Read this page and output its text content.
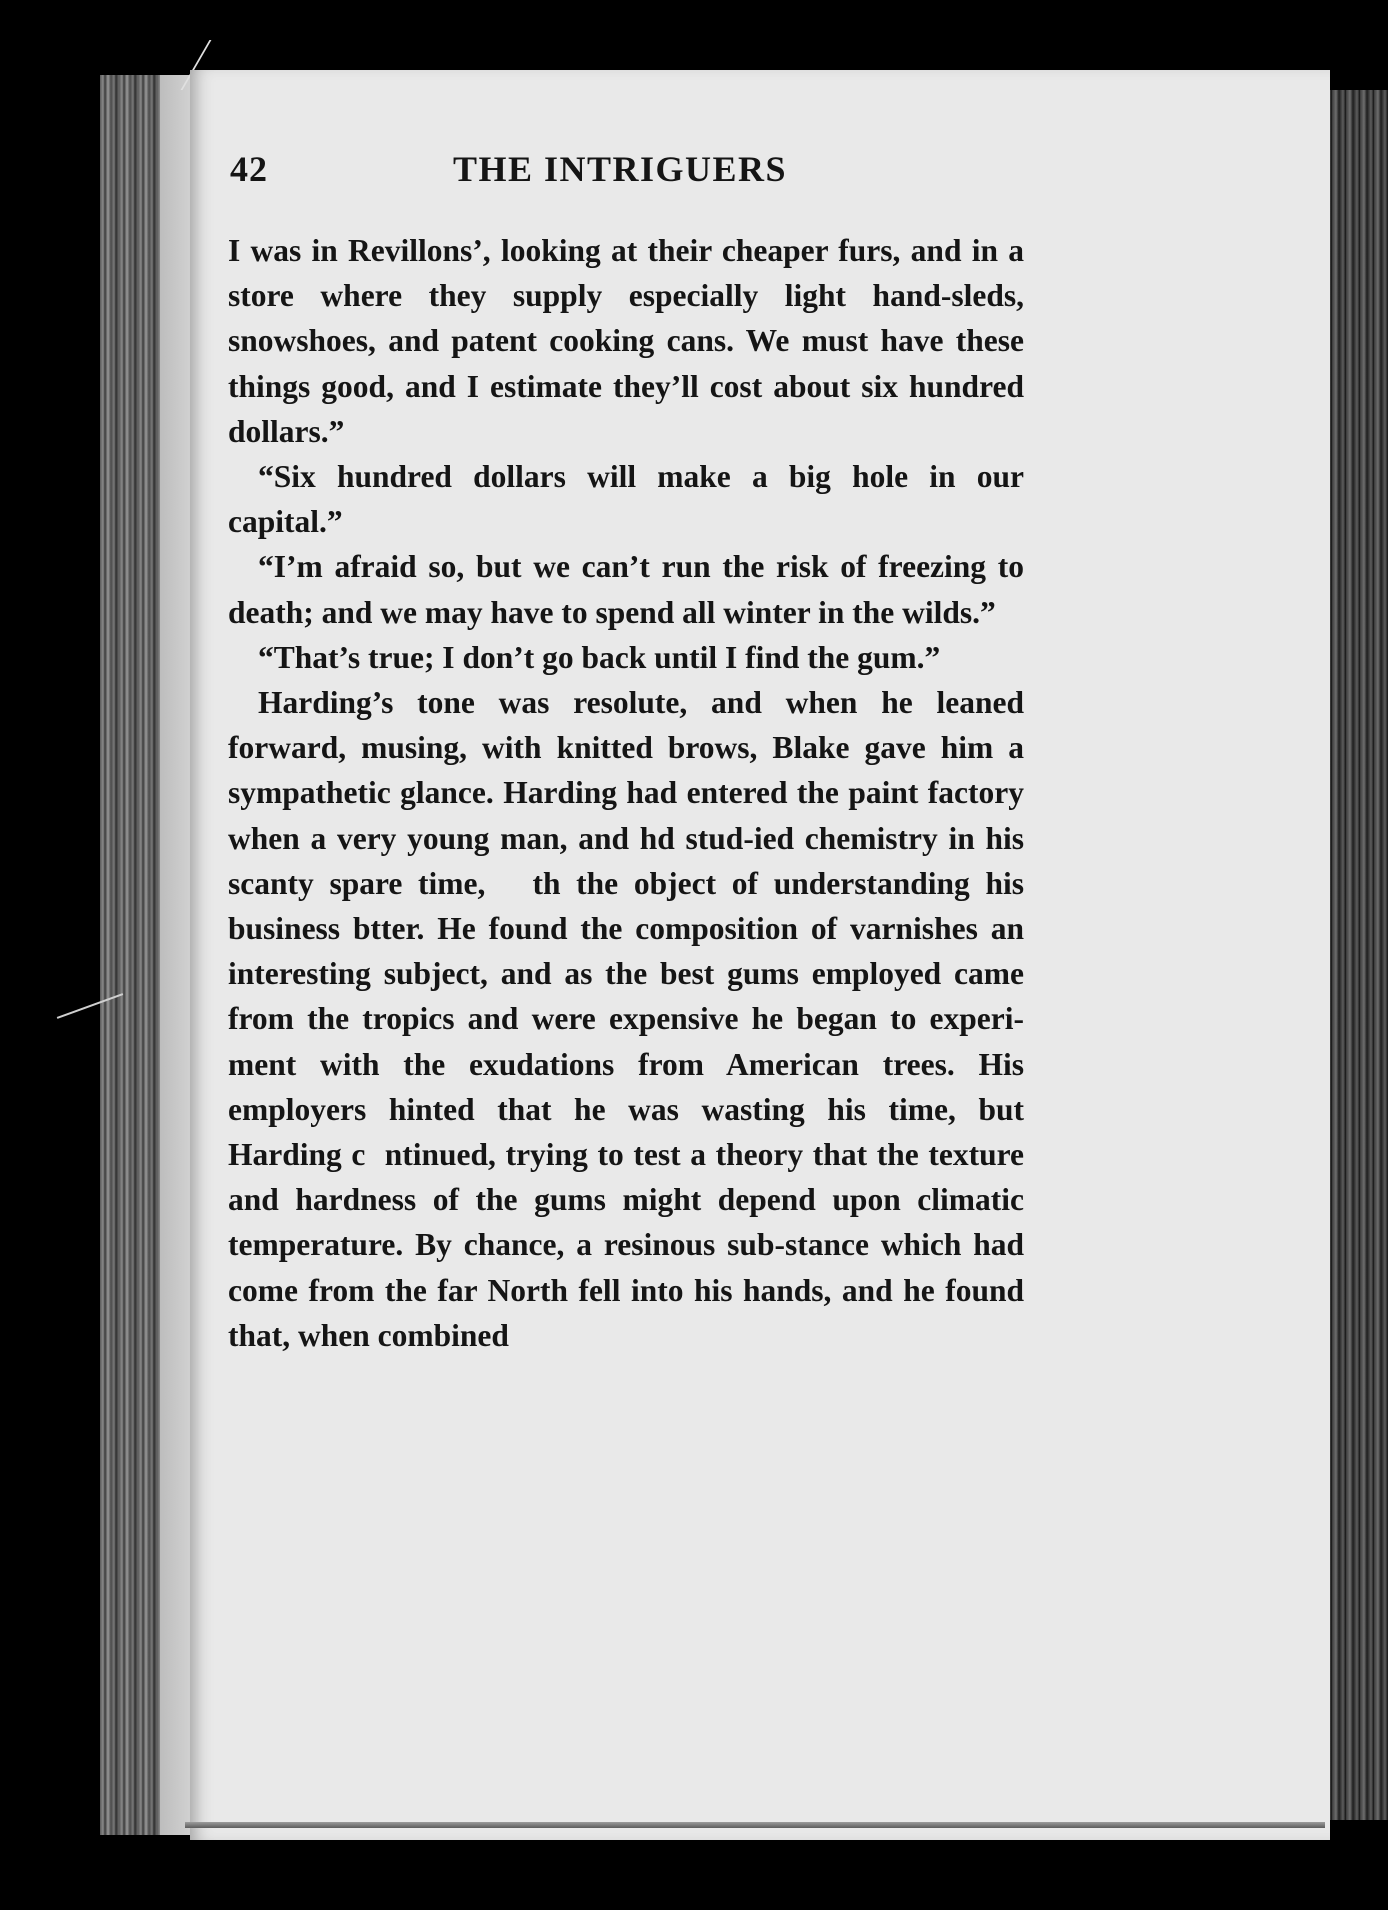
42	THE INTRIGUERS

I was in Revillons’, looking at their cheaper furs, and in a store where they supply especially light hand-sleds, snowshoes, and patent cooking cans. We must have these things good, and I estimate they’ll cost about six hundred dollars.”

“Six hundred dollars will make a big hole in our capital.”

“I’m afraid so, but we can’t run the risk of freezing to death; and we may have to spend all winter in the wilds.”

“That’s true; I don’t go back until I find the gum.”

Harding’s tone was resolute, and when he leaned forward, musing, with knitted brows, Blake gave him a sympathetic glance. Harding had entered the paint factory when a very young man, and hd stud-ied chemistry in his scanty spare time,   th the object of understanding his business btter. He found the composition of varnishes an interesting subject, and as the best gums employed came from the tropics and were expensive he began to experi-ment with the exudations from American trees. His employers hinted that he was wasting his time, but Harding c  ntinued, trying to test a theory that the texture and hardness of the gums might depend upon climatic temperature. By chance, a resinous sub-stance which had come from the far North fell into his hands, and he found that, when combined
